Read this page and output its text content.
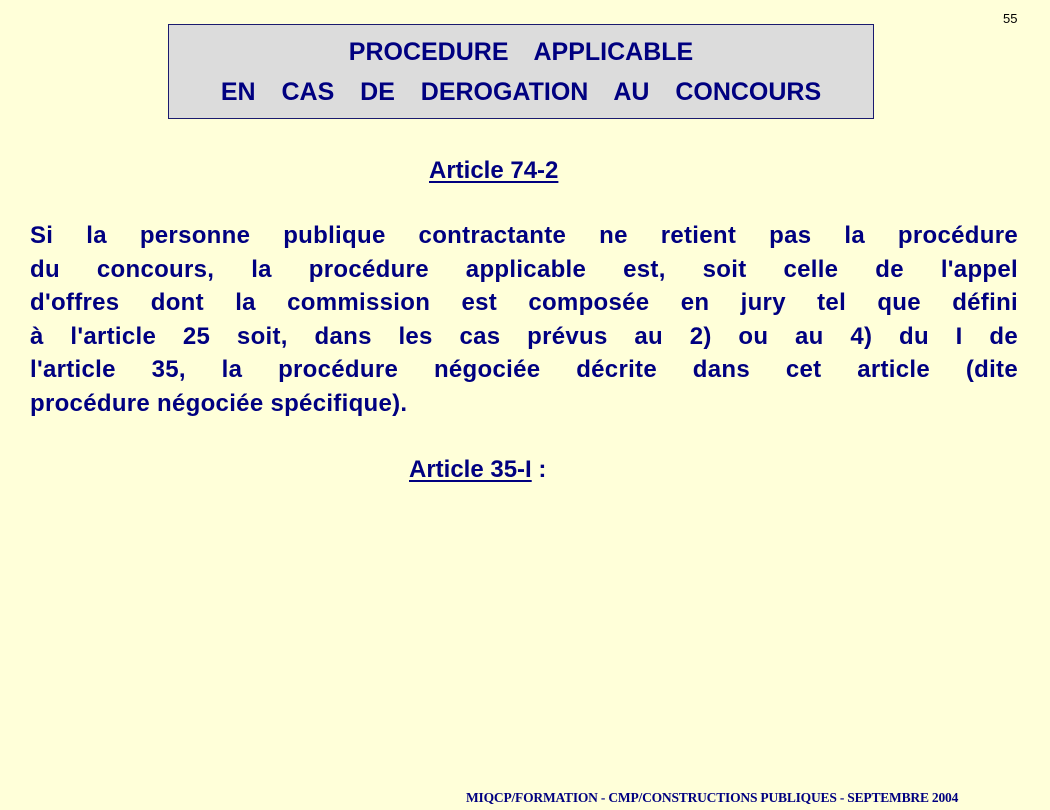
55
PROCEDURE  APPLICABLE
EN  CAS  DE  DEROGATION  AU  CONCOURS
Article 74-2
Si la personne publique contractante ne retient pas la procédure
du concours, la procédure applicable est, soit celle de l'appel
d'offres dont la commission est composée en jury tel que défini
à l'article 25 soit, dans les cas prévus au 2) ou au 4) du I de
l'article 35, la procédure négociée décrite dans cet article (dite
procédure négociée spécifique).
Article 35-I :
MIQCP/FORMATION - CMP/CONSTRUCTIONS PUBLIQUES - SEPTEMBRE 2004
